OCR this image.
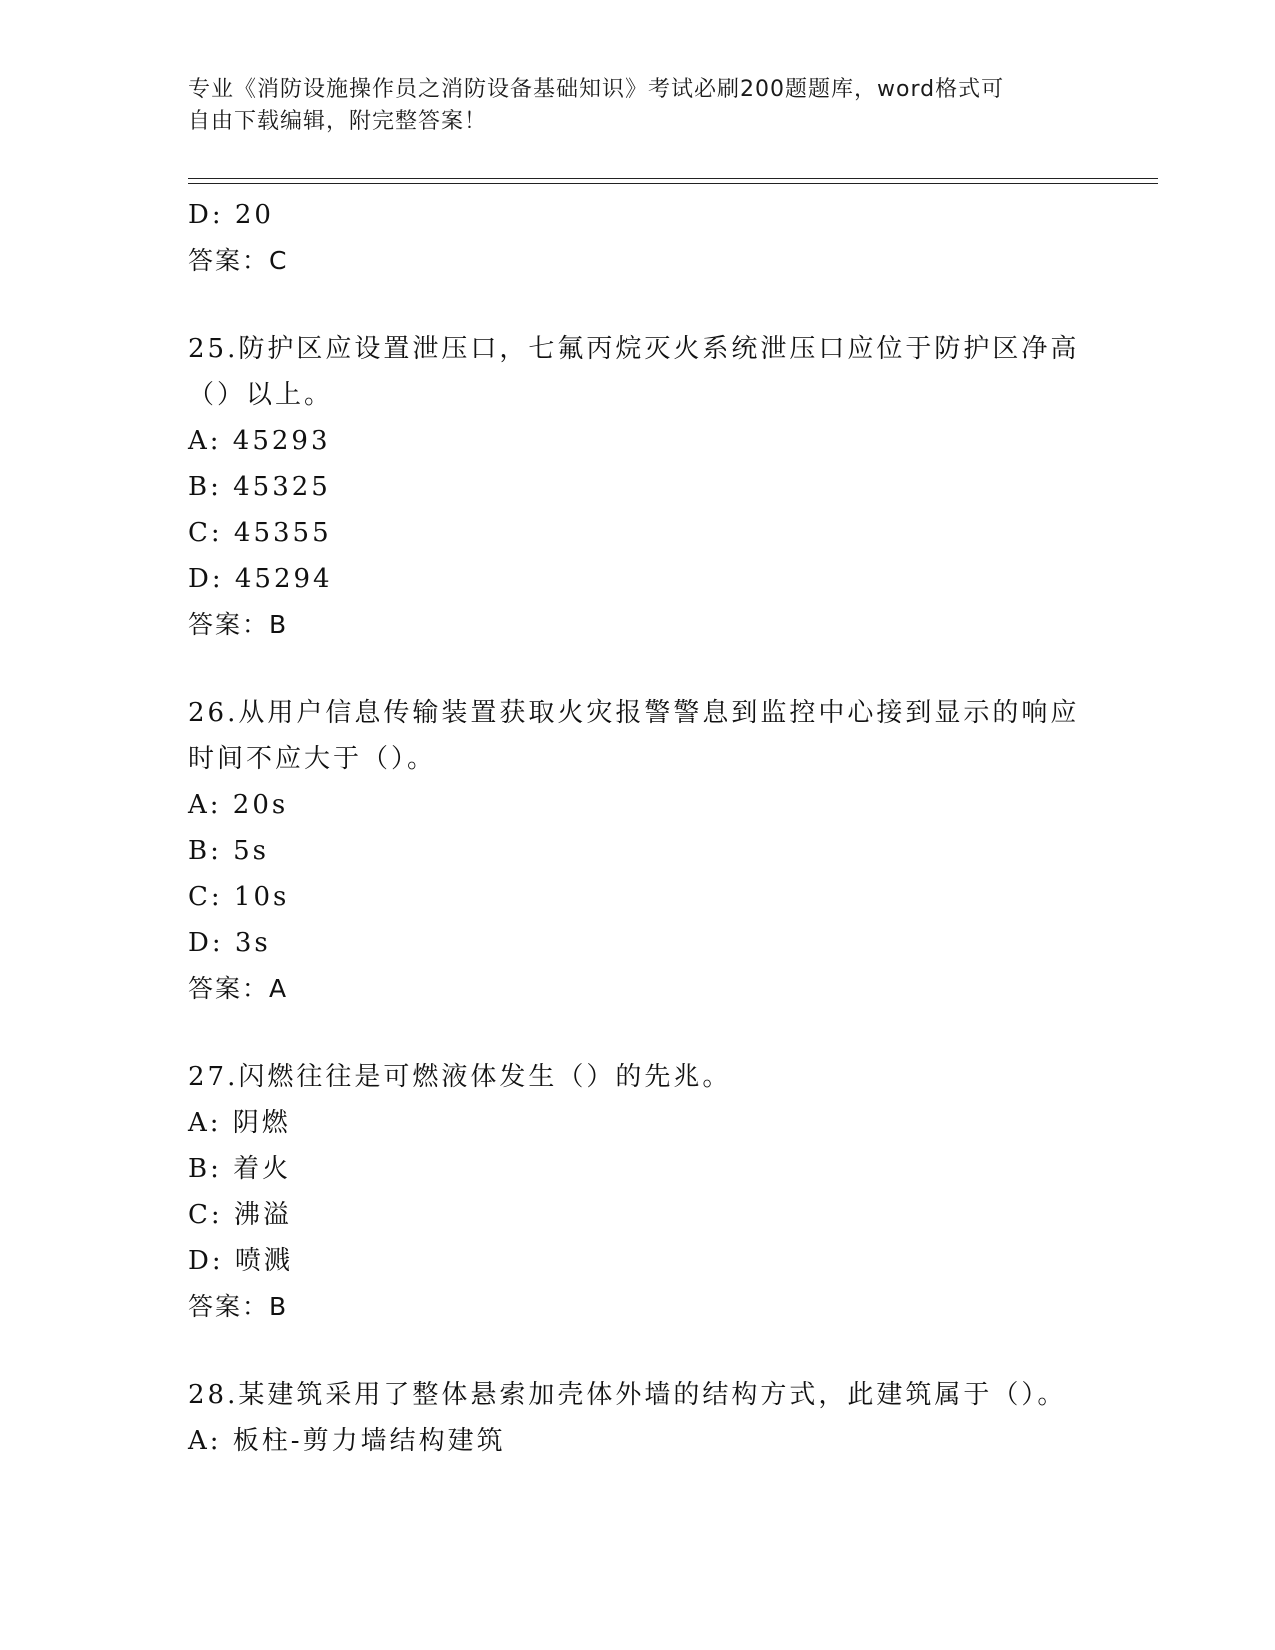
专业《消防设施操作员之消防设备基础知识》考试必刷200题题库，word格式可
自由下载编辑，附完整答案！
D: 20
答案：C
25.防护区应设置泄压口，七氟丙烷灭火系统泄压口应位于防护区净高
（）以上。
A: 45293
B: 45325
C: 45355
D: 45294
答案：B
26.从用户信息传输装置获取火灾报警警息到监控中心接到显示的响应
时间不应大于（）。
A: 20s
B: 5s
C: 10s
D: 3s
答案：A
27.闪燃往往是可燃液体发生（）的先兆。
A: 阴燃
B: 着火
C: 沸溢
D: 喷溅
答案：B
28.某建筑采用了整体悬索加壳体外墙的结构方式，此建筑属于（）。
A: 板柱-剪力墙结构建筑
